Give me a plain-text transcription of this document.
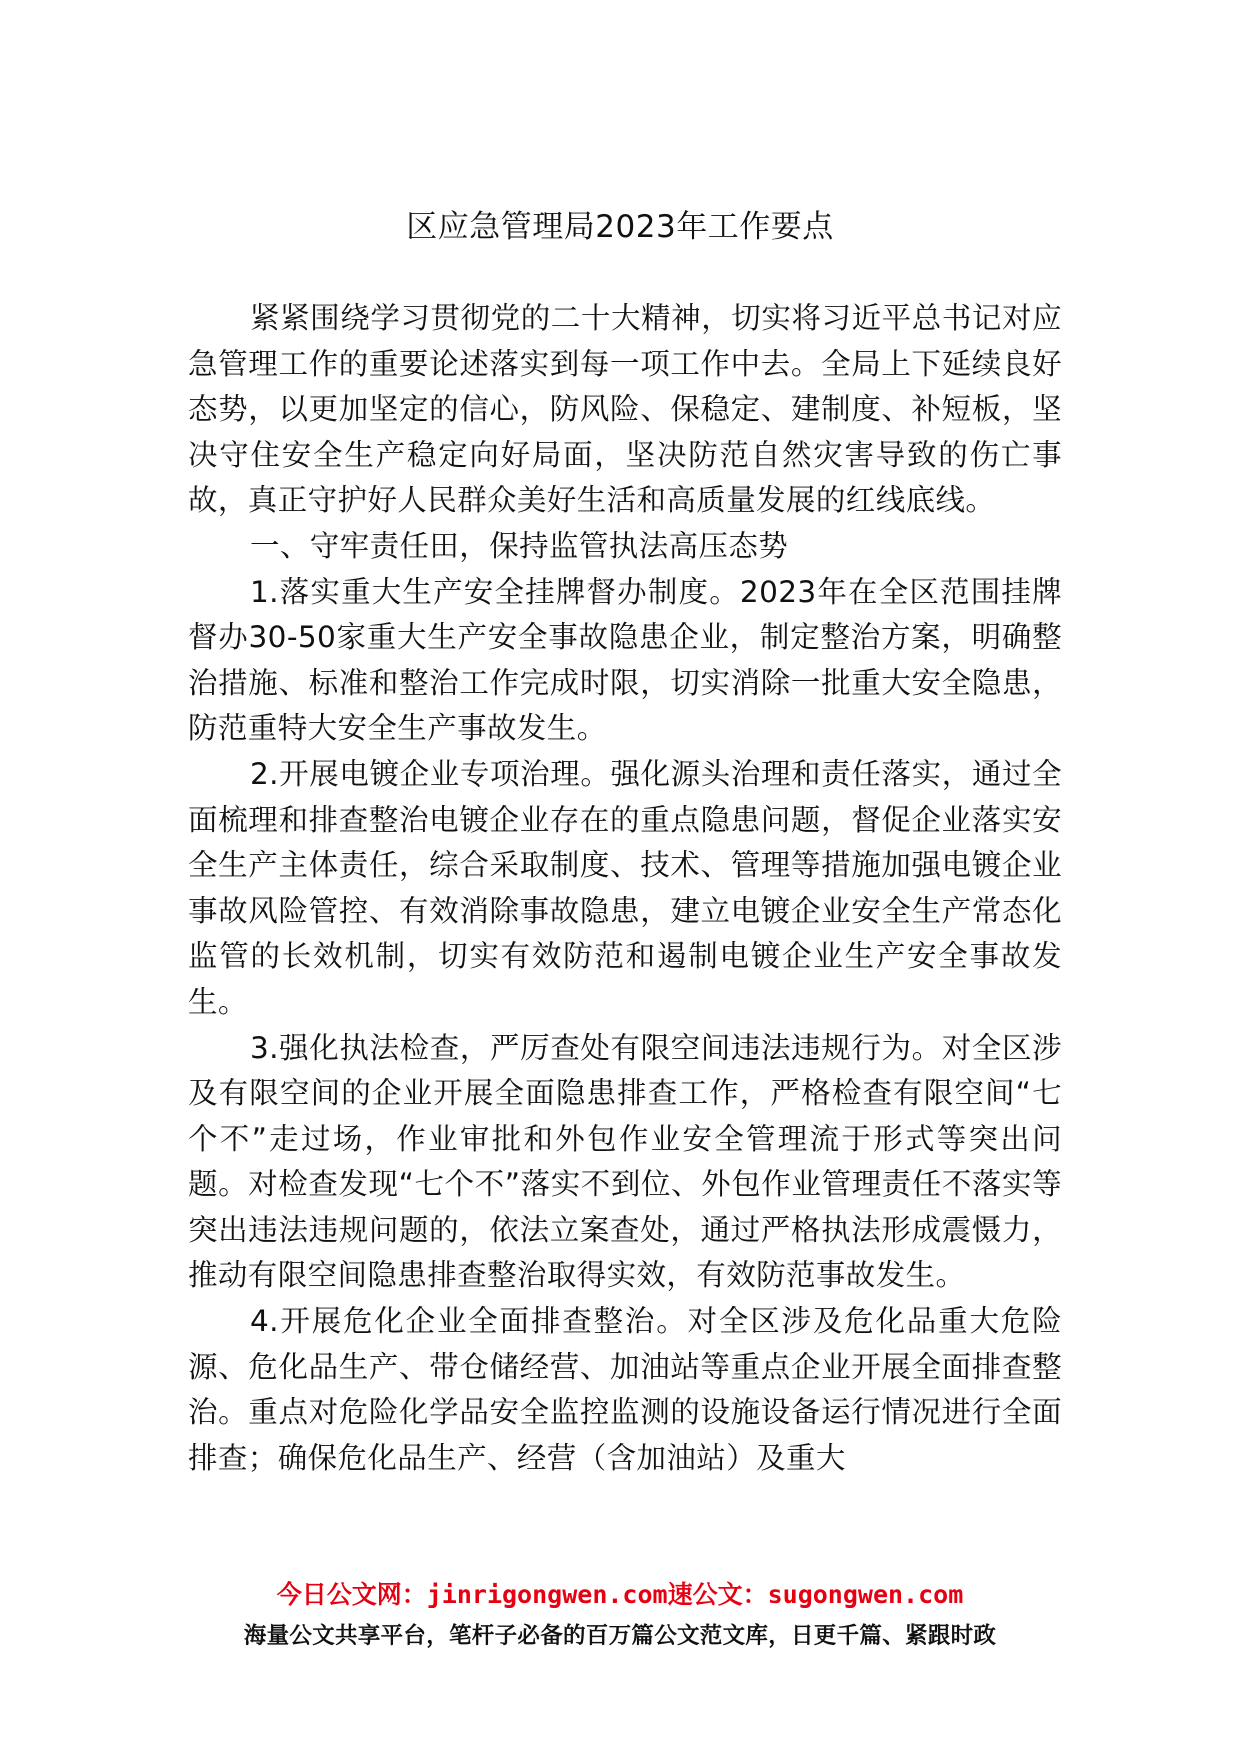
区应急管理局2023年工作要点

紧紧围绕学习贯彻党的二十大精神，切实将习近平总书记对应急管理工作的重要论述落实到每一项工作中去。全局上下延续良好态势，以更加坚定的信心，防风险、保稳定、建制度、补短板，坚决守住安全生产稳定向好局面，坚决防范自然灾害导致的伤亡事故，真正守护好人民群众美好生活和高质量发展的红线底线。

一、守牢责任田，保持监管执法高压态势

1.落实重大生产安全挂牌督办制度。2023年在全区范围挂牌督办30-50家重大生产安全事故隐患企业，制定整治方案，明确整治措施、标准和整治工作完成时限，切实消除一批重大安全隐患，防范重特大安全生产事故发生。

2.开展电镀企业专项治理。强化源头治理和责任落实，通过全面梳理和排查整治电镀企业存在的重点隐患问题，督促企业落实安全生产主体责任，综合采取制度、技术、管理等措施加强电镀企业事故风险管控、有效消除事故隐患，建立电镀企业安全生产常态化监管的长效机制，切实有效防范和遏制电镀企业生产安全事故发生。

3.强化执法检查，严厉查处有限空间违法违规行为。对全区涉及有限空间的企业开展全面隐患排查工作，严格检查有限空间“七个不”走过场，作业审批和外包作业安全管理流于形式等突出问题。对检查发现“七个不”落实不到位、外包作业管理责任不落实等突出违法违规问题的，依法立案查处，通过严格执法形成震慑力，推动有限空间隐患排查整治取得实效，有效防范事故发生。

4.开展危化企业全面排查整治。对全区涉及危化品重大危险源、危化品生产、带仓储经营、加油站等重点企业开展全面排查整治。重点对危险化学品安全监控监测的设施设备运行情况进行全面排查；确保危化品生产、经营（含加油站）及重大

今日公文网：jinrigongwen.com速公文：sugongwen.com
海量公文共享平台，笔杆子必备的百万篇公文范文库，日更千篇、紧跟时政
